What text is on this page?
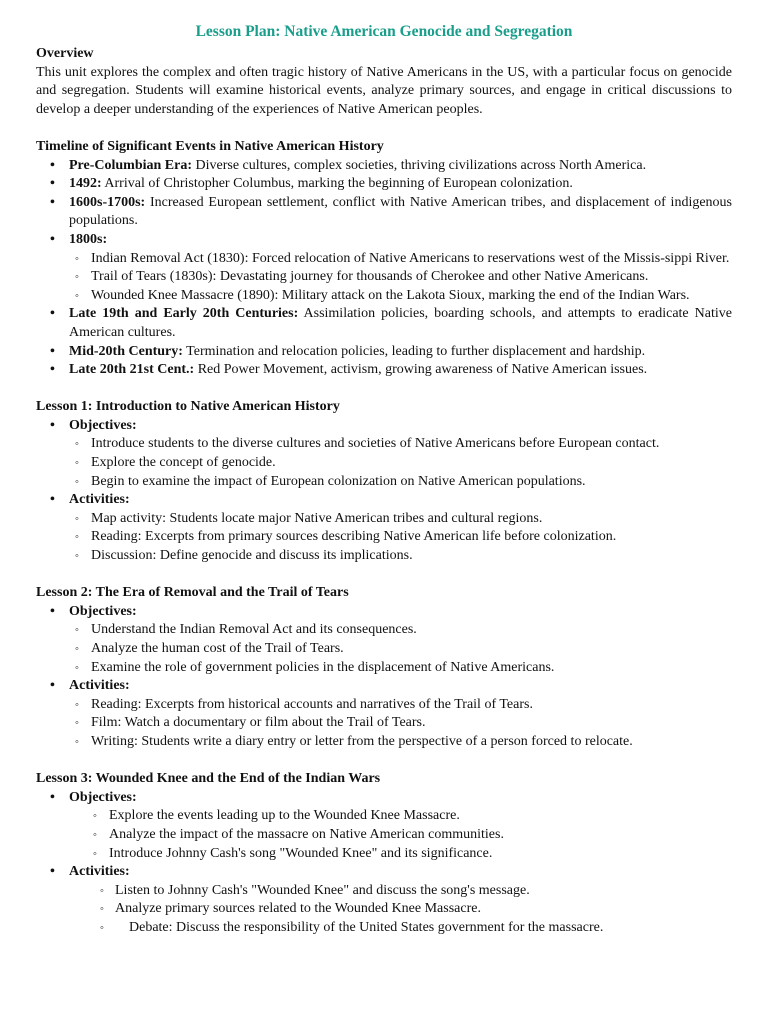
Lesson Plan: Native American Genocide and Segregation
Overview

This unit explores the complex and often tragic history of Native Americans in the US, with a particular focus on genocide and segregation. Students will examine historical events, analyze primary sources, and engage in critical discussions to develop a deeper understanding of the experiences of Native American peoples.

Timeline of Significant Events in Native American History
• Pre-Columbian Era: Diverse cultures, complex societies, thriving civilizations across North America.
• 1492: Arrival of Christopher Columbus, marking the beginning of European colonization.
• 1600s-1700s: Increased European settlement, conflict with Native American tribes, and displacement of indigenous populations.
• 1800s:
◦ Indian Removal Act (1830): Forced relocation of Native Americans to reservations west of the Missis-sippi River.
◦ Trail of Tears (1830s): Devastating journey for thousands of Cherokee and other Native Americans.
◦ Wounded Knee Massacre (1890): Military attack on the Lakota Sioux, marking the end of the Indian Wars.
• Late 19th and Early 20th Centuries: Assimilation policies, boarding schools, and attempts to eradicate Native American cultures.
• Mid-20th Century: Termination and relocation policies, leading to further displacement and hardship.
• Late 20th 21st Cent.: Red Power Movement, activism, growing awareness of Native American issues.
Lesson 1: Introduction to Native American History
• Objectives:
◦ Introduce students to the diverse cultures and societies of Native Americans before European contact.
◦ Explore the concept of genocide.
◦ Begin to examine the impact of European colonization on Native American populations.
• Activities:
◦ Map activity: Students locate major Native American tribes and cultural regions.
◦ Reading: Excerpts from primary sources describing Native American life before colonization.
◦ Discussion: Define genocide and discuss its implications.
Lesson 2: The Era of Removal and the Trail of Tears
• Objectives:
◦ Understand the Indian Removal Act and its consequences.
◦ Analyze the human cost of the Trail of Tears.
◦ Examine the role of government policies in the displacement of Native Americans.
• Activities:
◦ Reading: Excerpts from historical accounts and narratives of the Trail of Tears.
◦ Film: Watch a documentary or film about the Trail of Tears.
◦ Writing: Students write a diary entry or letter from the perspective of a person forced to relocate.
Lesson 3: Wounded Knee and the End of the Indian Wars
• Objectives:
◦ Explore the events leading up to the Wounded Knee Massacre.
◦ Analyze the impact of the massacre on Native American communities.
◦ Introduce Johnny Cash's song "Wounded Knee" and its significance.
• Activities:
◦ Listen to Johnny Cash's "Wounded Knee" and discuss the song's message.
◦ Analyze primary sources related to the Wounded Knee Massacre.
◦ Debate: Discuss the responsibility of the United States government for the massacre.
